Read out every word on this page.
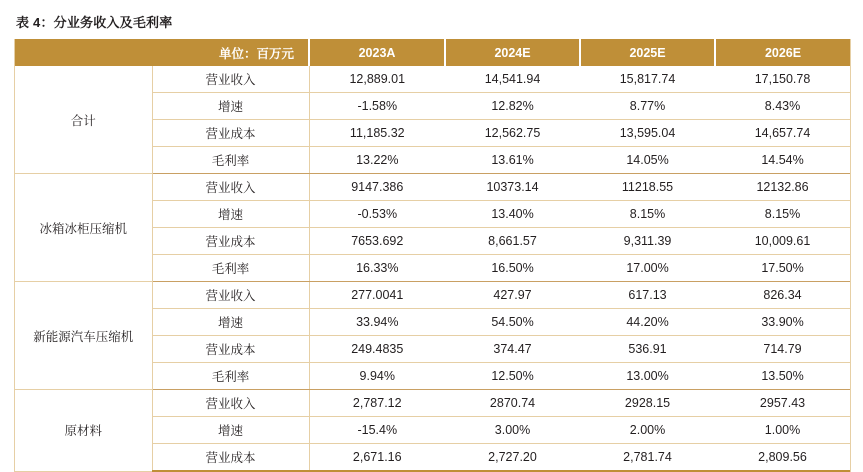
表 4：分业务收入及毛利率
单位：百万元		2023A	2024E	2025E	2026E
合计	营业收入	12,889.01	14,541.94	15,817.74	17,150.78
	增速	-1.58%	12.82%	8.77%	8.43%
	营业成本	11,185.32	12,562.75	13,595.04	14,657.74
	毛利率	13.22%	13.61%	14.05%	14.54%
冰箱冰柜压缩机	营业收入	9147.386	10373.14	11218.55	12132.86
	增速	-0.53%	13.40%	8.15%	8.15%
	营业成本	7653.692	8,661.57	9,311.39	10,009.61
	毛利率	16.33%	16.50%	17.00%	17.50%
新能源汽车压缩机	营业收入	277.0041	427.97	617.13	826.34
	增速	33.94%	54.50%	44.20%	33.90%
	营业成本	249.4835	374.47	536.91	714.79
	毛利率	9.94%	12.50%	13.00%	13.50%
原材料	营业收入	2,787.12	2870.74	2928.15	2957.43
	增速	-15.4%	3.00%	2.00%	1.00%
	营业成本	2,671.16	2,727.20	2,781.74	2,809.56
